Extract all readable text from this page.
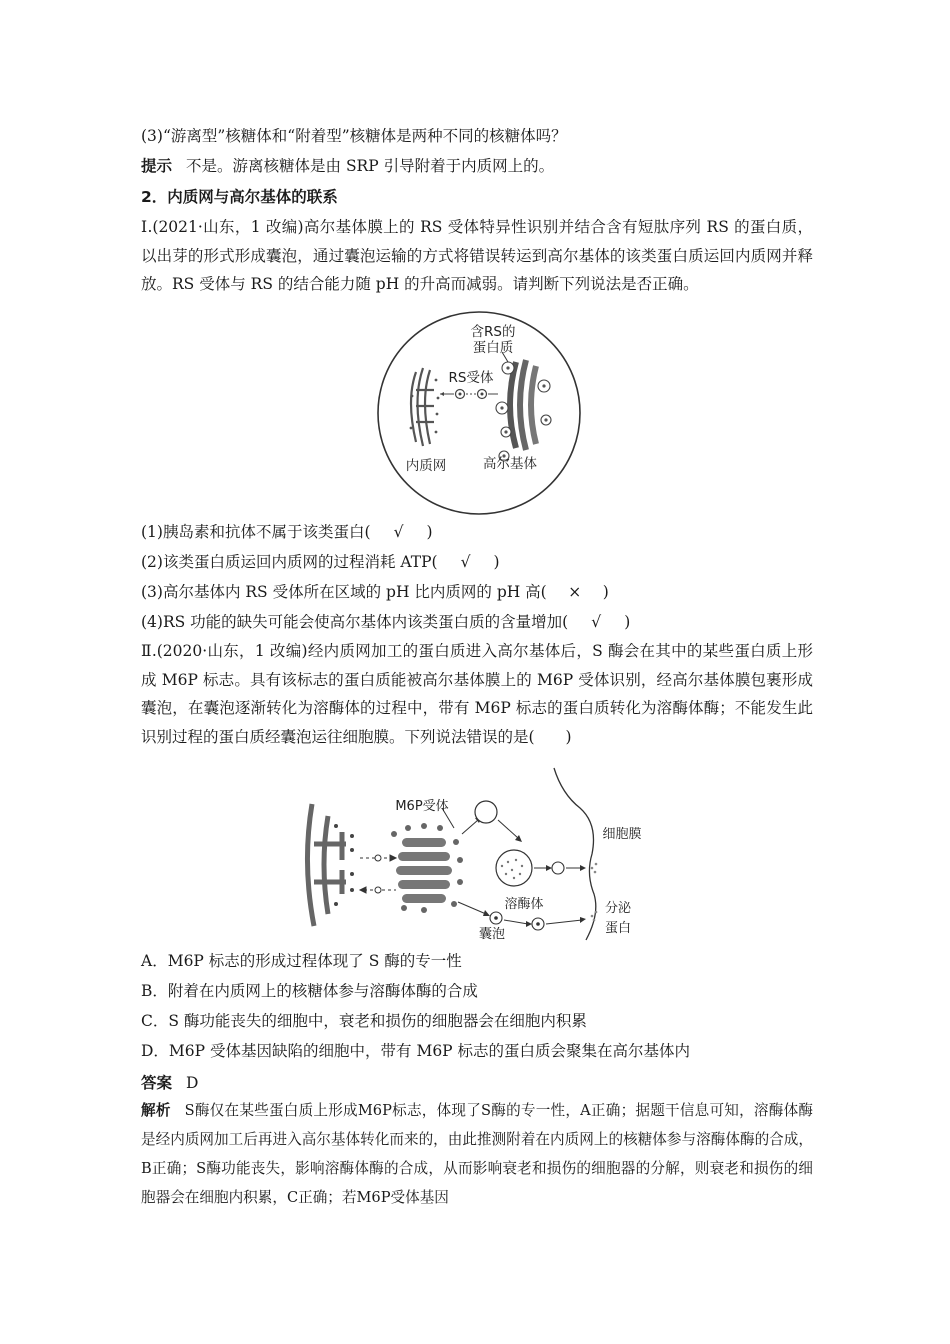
(3)“游离型”核糖体和“附着型”核糖体是两种不同的核糖体吗？
提示 不是。游离核糖体是由 SRP 引导附着于内质网上的。
2．内质网与高尔基体的联系
Ⅰ.(2021·山东，1 改编)高尔基体膜上的 RS 受体特异性识别并结合含有短肽序列 RS 的蛋白质，以出芽的形式形成囊泡，通过囊泡运输的方式将错误转运到高尔基体的该类蛋白质运回内质网并释放。RS 受体与 RS 的结合能力随 pH 的升高而减弱。请判断下列说法是否正确。
含RS的
蛋白质
RS受体
内质网	高尔基体
(1)胰岛素和抗体不属于该类蛋白( √ )
(2)该类蛋白质运回内质网的过程消耗 ATP( √ )
(3)高尔基体内 RS 受体所在区域的 pH 比内质网的 pH 高( × )
(4)RS 功能的缺失可能会使高尔基体内该类蛋白质的含量增加( √ )
Ⅱ.(2020·山东，1 改编)经内质网加工的蛋白质进入高尔基体后，S 酶会在其中的某些蛋白质上形成 M6P 标志。具有该标志的蛋白质能被高尔基体膜上的 M6P 受体识别，经高尔基体膜包裹形成囊泡，在囊泡逐渐转化为溶酶体的过程中，带有 M6P 标志的蛋白质转化为溶酶体酶；不能发生此识别过程的蛋白质经囊泡运往细胞膜。下列说法错误的是(　　)
M6P受体
细胞膜
溶酶体
囊泡
分泌
蛋白
A．M6P 标志的形成过程体现了 S 酶的专一性
B．附着在内质网上的核糖体参与溶酶体酶的合成
C．S 酶功能丧失的细胞中，衰老和损伤的细胞器会在细胞内积累
D．M6P 受体基因缺陷的细胞中，带有 M6P 标志的蛋白质会聚集在高尔基体内
答案 D
解析 S酶仅在某些蛋白质上形成M6P标志，体现了S酶的专一性，A正确；据题干信息可知，溶酶体酶是经内质网加工后再进入高尔基体转化而来的，由此推测附着在内质网上的核糖体参与溶酶体酶的合成，B正确；S酶功能丧失，影响溶酶体酶的合成，从而影响衰老和损伤的细胞器的分解，则衰老和损伤的细胞器会在细胞内积累，C正确；若M6P受体基因
